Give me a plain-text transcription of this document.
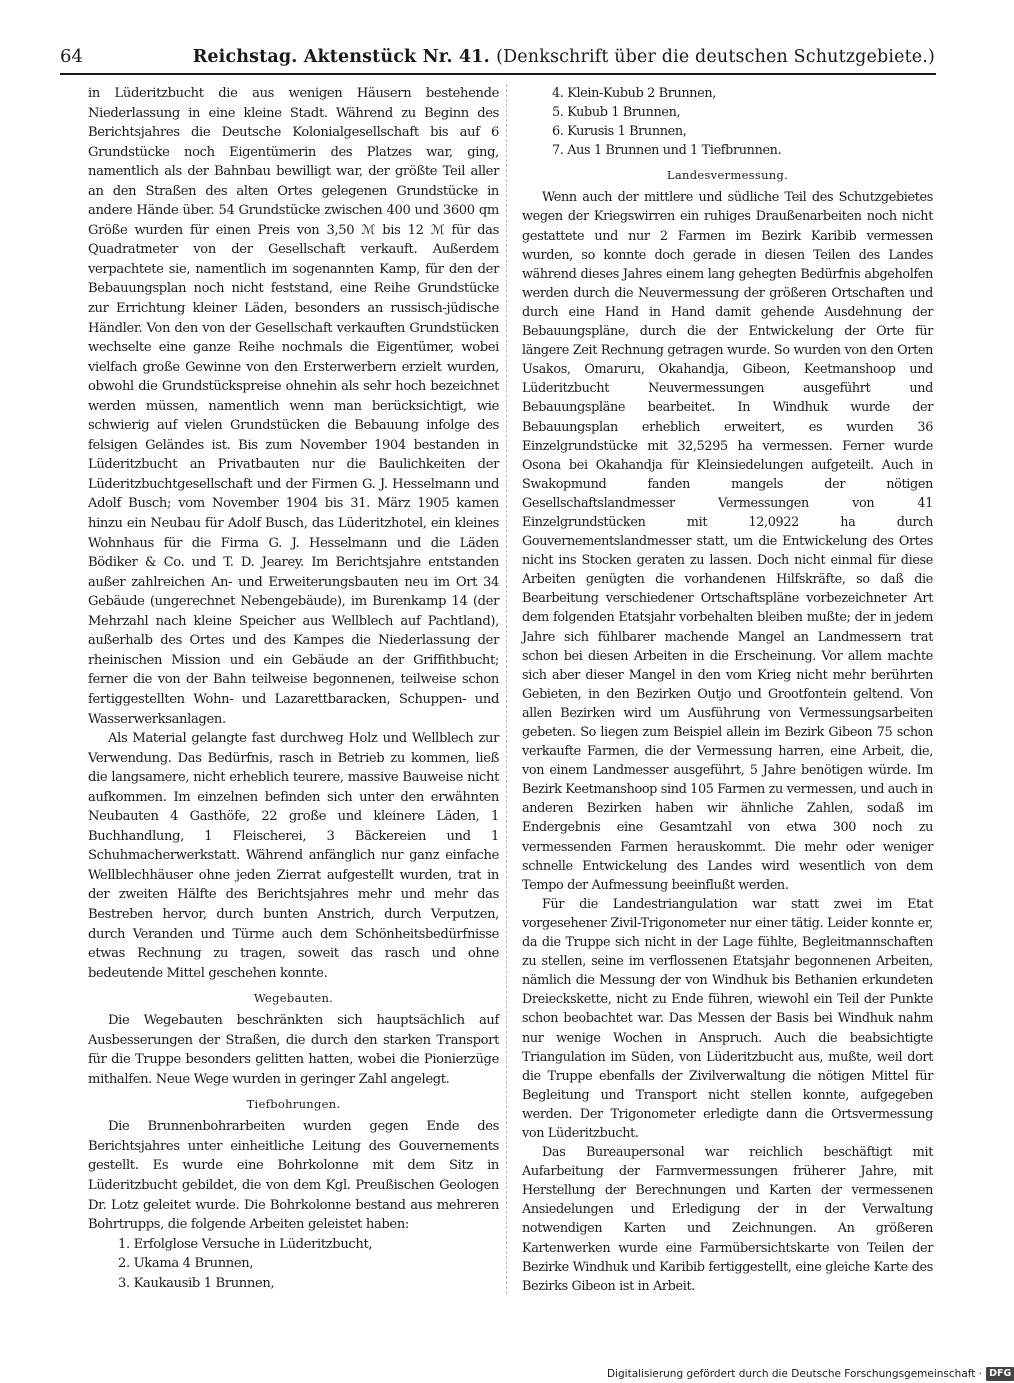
64	Reichstag. Aktenstück Nr. 41. (Denkschrift über die deutschen Schutzgebiete.)

in Lüderitzbucht die aus wenigen Häusern bestehende Niederlassung in eine kleine Stadt. Während zu Beginn des Berichtsjahres die Deutsche Kolonialgesellschaft bis auf 6 Grundstücke noch Eigentümerin des Platzes war, ging, namentlich als der Bahnbau bewilligt war, der größte Teil aller an den Straßen des alten Ortes gelegenen Grundstücke in andere Hände über. 54 Grundstücke zwischen 400 und 3600 qm Größe wurden für einen Preis von 3,50 ℳ bis 12 ℳ für das Quadratmeter von der Gesellschaft verkauft. Außerdem verpachtete sie, namentlich im sogenannten Kamp, für den der Bebauungsplan noch nicht feststand, eine Reihe Grundstücke zur Errichtung kleiner Läden, besonders an russisch-jüdische Händler. Von den von der Gesellschaft verkauften Grundstücken wechselte eine ganze Reihe nochmals die Eigentümer, wobei vielfach große Gewinne von den Ersterwerbern erzielt wurden, obwohl die Grundstückspreise ohnehin als sehr hoch bezeichnet werden müssen, namentlich wenn man berücksichtigt, wie schwierig auf vielen Grundstücken die Bebauung infolge des felsigen Geländes ist. Bis zum November 1904 bestanden in Lüderitzbucht an Privatbauten nur die Baulichkeiten der Lüderitzbuchtgesellschaft und der Firmen G. J. Hesselmann und Adolf Busch; vom November 1904 bis 31. März 1905 kamen hinzu ein Neubau für Adolf Busch, das Lüderitzhotel, ein kleines Wohnhaus für die Firma G. J. Hesselmann und die Läden Bödiker & Co. und T. D. Jearey. Im Berichtsjahre entstanden außer zahlreichen An- und Erweiterungsbauten neu im Ort 34 Gebäude (ungerechnet Nebengebäude), im Burenkamp 14 (der Mehrzahl nach kleine Speicher aus Wellblech auf Pachtland), außerhalb des Ortes und des Kampes die Niederlassung der rheinischen Mission und ein Gebäude an der Griffithbucht; ferner die von der Bahn teilweise begonnenen, teilweise schon fertiggestellten Wohn- und Lazarettbaracken, Schuppen- und Wasserwerksanlagen.

Als Material gelangte fast durchweg Holz und Wellblech zur Verwendung. Das Bedürfnis, rasch in Betrieb zu kommen, ließ die langsamere, nicht erheblich teurere, massive Bauweise nicht aufkommen. Im einzelnen befinden sich unter den erwähnten Neubauten 4 Gasthöfe, 22 große und kleinere Läden, 1 Buchhandlung, 1 Fleischerei, 3 Bäckereien und 1 Schuhmacherwerkstatt. Während anfänglich nur ganz einfache Wellblechhäuser ohne jeden Zierrat aufgestellt wurden, trat in der zweiten Hälfte des Berichtsjahres mehr und mehr das Bestreben hervor, durch bunten Anstrich, durch Verputzen, durch Veranden und Türme auch dem Schönheitsbedürfnisse etwas Rechnung zu tragen, soweit das rasch und ohne bedeutende Mittel geschehen konnte.

Wegebauten.

Die Wegebauten beschränkten sich hauptsächlich auf Ausbesserungen der Straßen, die durch den starken Transport für die Truppe besonders gelitten hatten, wobei die Pionierzüge mithalfen. Neue Wege wurden in geringer Zahl angelegt.

Tiefbohrungen.

Die Brunnenbohrarbeiten wurden gegen Ende des Berichtsjahres unter einheitliche Leitung des Gouvernements gestellt. Es wurde eine Bohrkolonne mit dem Sitz in Lüderitzbucht gebildet, die von dem Kgl. Preußischen Geologen Dr. Lotz geleitet wurde. Die Bohrkolonne bestand aus mehreren Bohrtrupps, die folgende Arbeiten geleistet haben:

1. Erfolglose Versuche in Lüderitzbucht,
2. Ukama 4 Brunnen,
3. Kaukausib 1 Brunnen,
4. Klein-Kubub 2 Brunnen,
5. Kubub 1 Brunnen,
6. Kurusis 1 Brunnen,
7. Aus 1 Brunnen und 1 Tiefbrunnen.
Landesvermessung.

Wenn auch der mittlere und südliche Teil des Schutzgebietes wegen der Kriegswirren ein ruhiges Draußenarbeiten noch nicht gestattete und nur 2 Farmen im Bezirk Karibib vermessen wurden, so konnte doch gerade in diesen Teilen des Landes während dieses Jahres einem lang gehegten Bedürfnis abgeholfen werden durch die Neuvermessung der größeren Ortschaften und durch eine Hand in Hand damit gehende Ausdehnung der Bebauungspläne, durch die der Entwickelung der Orte für längere Zeit Rechnung getragen wurde. So wurden von den Orten Usakos, Omaruru, Okahandja, Gibeon, Keetmanshoop und Lüderitzbucht Neuvermessungen ausgeführt und Bebauungspläne bearbeitet. In Windhuk wurde der Bebauungsplan erheblich erweitert, es wurden 36 Einzelgrundstücke mit 32,5295 ha vermessen. Ferner wurde Osona bei Okahandja für Kleinsiedelungen aufgeteilt. Auch in Swakopmund fanden mangels der nötigen Gesellschaftslandmesser Vermessungen von 41 Einzelgrundstücken mit 12,0922 ha durch Gouvernementslandmesser statt, um die Entwickelung des Ortes nicht ins Stocken geraten zu lassen. Doch nicht einmal für diese Arbeiten genügten die vorhandenen Hilfskräfte, so daß die Bearbeitung verschiedener Ortschaftspläne vorbezeichneter Art dem folgenden Etatsjahr vorbehalten bleiben mußte; der in jedem Jahre sich fühlbarer machende Mangel an Landmessern trat schon bei diesen Arbeiten in die Erscheinung. Vor allem machte sich aber dieser Mangel in den vom Krieg nicht mehr berührten Gebieten, in den Bezirken Outjo und Grootfontein geltend. Von allen Bezirken wird um Ausführung von Vermessungsarbeiten gebeten. So liegen zum Beispiel allein im Bezirk Gibeon 75 schon verkaufte Farmen, die der Vermessung harren, eine Arbeit, die, von einem Landmesser ausgeführt, 5 Jahre benötigen würde. Im Bezirk Keetmanshoop sind 105 Farmen zu vermessen, und auch in anderen Bezirken haben wir ähnliche Zahlen, sodaß im Endergebnis eine Gesamtzahl von etwa 300 noch zu vermessenden Farmen herauskommt. Die mehr oder weniger schnelle Entwickelung des Landes wird wesentlich von dem Tempo der Aufmessung beeinflußt werden.

Für die Landestriangulation war statt zwei im Etat vorgesehener Zivil-Trigonometer nur einer tätig. Leider konnte er, da die Truppe sich nicht in der Lage fühlte, Begleitmannschaften zu stellen, seine im verflossenen Etatsjahr begonnenen Arbeiten, nämlich die Messung der von Windhuk bis Bethanien erkundeten Dreieckskette, nicht zu Ende führen, wiewohl ein Teil der Punkte schon beobachtet war. Das Messen der Basis bei Windhuk nahm nur wenige Wochen in Anspruch. Auch die beabsichtigte Triangulation im Süden, von Lüderitzbucht aus, mußte, weil dort die Truppe ebenfalls der Zivilverwaltung die nötigen Mittel für Begleitung und Transport nicht stellen konnte, aufgegeben werden. Der Trigonometer erledigte dann die Ortsvermessung von Lüderitzbucht.

Das Bureaupersonal war reichlich beschäftigt mit Aufarbeitung der Farmvermessungen früherer Jahre, mit Herstellung der Berechnungen und Karten der vermessenen Ansiedelungen und Erledigung der in der Verwaltung notwendigen Karten und Zeichnungen. An größeren Kartenwerken wurde eine Farmübersichtskarte von Teilen der Bezirke Windhuk und Karibib fertiggestellt, eine gleiche Karte des Bezirks Gibeon ist in Arbeit.

Digitalisierung gefördert durch die Deutsche Forschungsgemeinschaft · DFG
